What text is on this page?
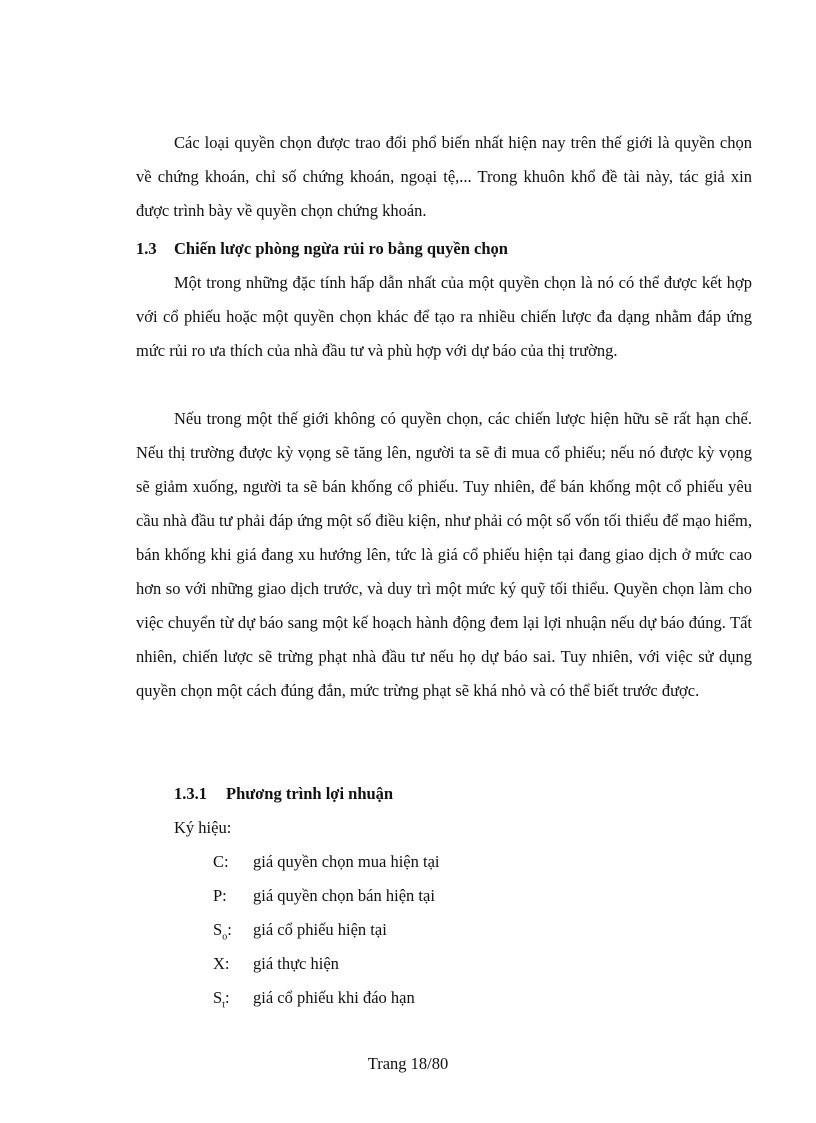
Các loại quyền chọn được trao đổi phổ biến nhất hiện nay trên thế giới là quyền chọn về chứng khoán, chỉ số chứng khoán, ngoại tệ,... Trong khuôn khổ đề tài này, tác giả xin được trình bày về quyền chọn chứng khoán.

1.3 Chiến lược phòng ngừa rủi ro bằng quyền chọn

Một trong những đặc tính hấp dẫn nhất của một quyền chọn là nó có thể được kết hợp với cổ phiếu hoặc một quyền chọn khác để tạo ra nhiều chiến lược đa dạng nhằm đáp ứng mức rủi ro ưa thích của nhà đầu tư và phù hợp với dự báo của thị trường.

Nếu trong một thế giới không có quyền chọn, các chiến lược hiện hữu sẽ rất hạn chế. Nếu thị trường được kỳ vọng sẽ tăng lên, người ta sẽ đi mua cổ phiếu; nếu nó được kỳ vọng sẽ giảm xuống, người ta sẽ bán khống cổ phiếu. Tuy nhiên, để bán khống một cổ phiếu yêu cầu nhà đầu tư phải đáp ứng một số điều kiện, như phải có một số vốn tối thiểu để mạo hiểm, bán khống khi giá đang xu hướng lên, tức là giá cổ phiếu hiện tại đang giao dịch ở mức cao hơn so với những giao dịch trước, và duy trì một mức ký quỹ tối thiểu. Quyền chọn làm cho việc chuyển từ dự báo sang một kế hoạch hành động đem lại lợi nhuận nếu dự báo đúng. Tất nhiên, chiến lược sẽ trừng phạt nhà đầu tư nếu họ dự báo sai. Tuy nhiên, với việc sử dụng quyền chọn một cách đúng đắn, mức trừng phạt sẽ khá nhỏ và có thể biết trước được.

1.3.1 Phương trình lợi nhuận

Ký hiệu:

C: giá quyền chọn mua hiện tại

P: giá quyền chọn bán hiện tại

$S_o$: giá cổ phiếu hiện tại

X: giá thực hiện

$S_t$: giá cổ phiếu khi đáo hạn

Trang 18/80
